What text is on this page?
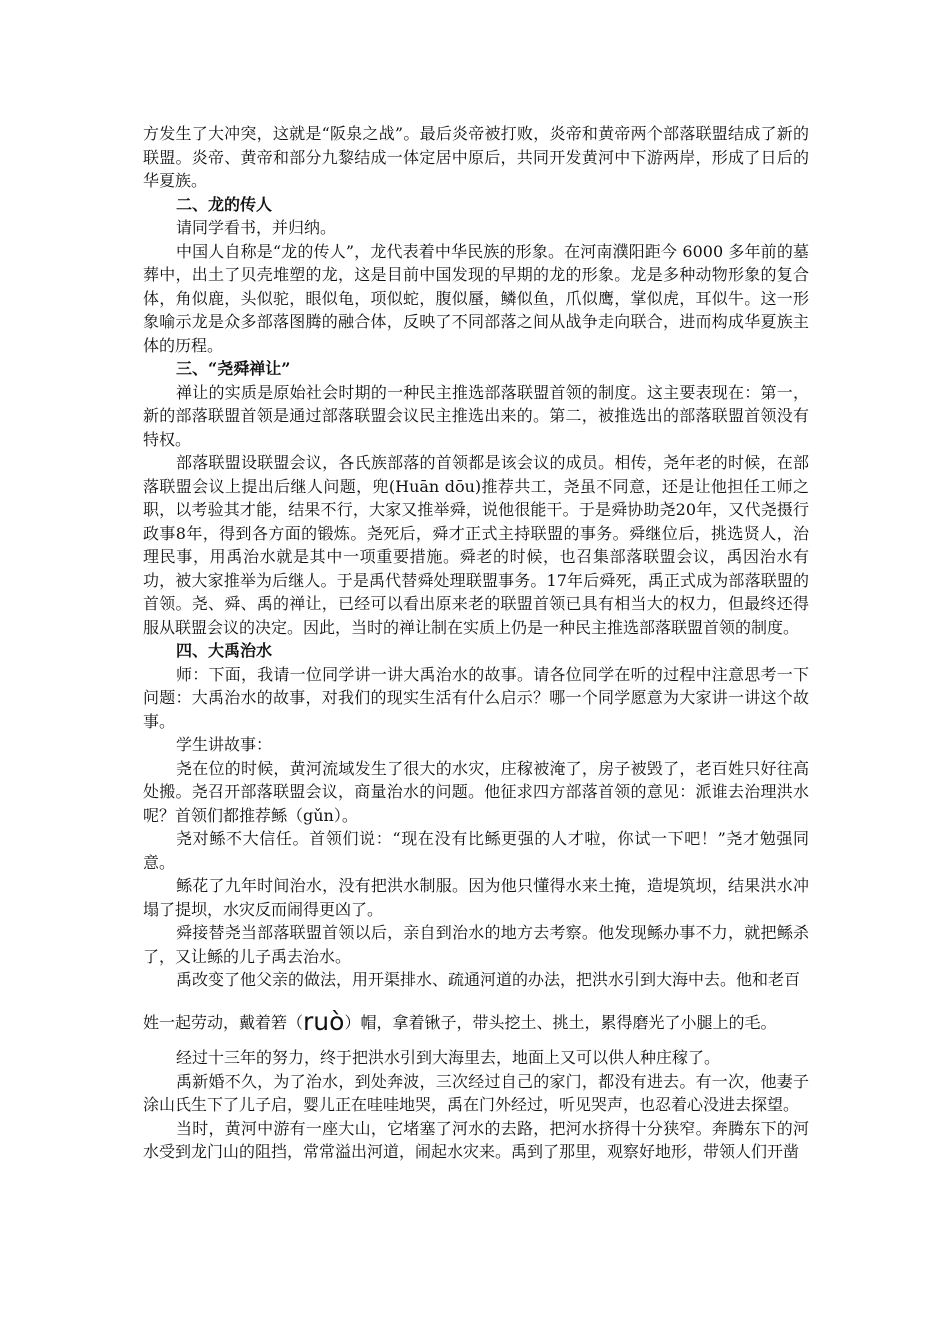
方发生了大冲突，这就是“阪泉之战”。最后炎帝被打败，炎帝和黄帝两个部落联盟结成了新的联盟。炎帝、黄帝和部分九黎结成一体定居中原后，共同开发黄河中下游两岸，形成了日后的华夏族。

二、龙的传人

请同学看书，并归纳。

中国人自称是“龙的传人”，龙代表着中华民族的形象。在河南濮阳距今 6000 多年前的墓葬中，出土了贝壳堆塑的龙，这是目前中国发现的早期的龙的形象。龙是多种动物形象的复合体，角似鹿，头似驼，眼似龟，项似蛇，腹似蜃，鳞似鱼，爪似鹰，掌似虎，耳似牛。这一形象喻示龙是众多部落图腾的融合体，反映了不同部落之间从战争走向联合，进而构成华夏族主体的历程。

三、“尧舜禅让”

禅让的实质是原始社会时期的一种民主推选部落联盟首领的制度。这主要表现在：第一，新的部落联盟首领是通过部落联盟会议民主推选出来的。第二，被推选出的部落联盟首领没有特权。

部落联盟设联盟会议，各氏族部落的首领都是该会议的成员。相传，尧年老的时候，在部落联盟会议上提出后继人问题，兜(Huān dōu)推荐共工，尧虽不同意，还是让他担任工师之职，以考验其才能，结果不行，大家又推举舜，说他很能干。于是舜协助尧20年，又代尧摄行政事8年，得到各方面的锻炼。尧死后，舜才正式主持联盟的事务。舜继位后，挑选贤人，治理民事，用禹治水就是其中一项重要措施。舜老的时候，也召集部落联盟会议，禹因治水有功，被大家推举为后继人。于是禹代替舜处理联盟事务。17年后舜死，禹正式成为部落联盟的首领。尧、舜、禹的禅让，已经可以看出原来老的联盟首领已具有相当大的权力，但最终还得服从联盟会议的决定。因此，当时的禅让制在实质上仍是一种民主推选部落联盟首领的制度。

四、大禹治水

师：下面，我请一位同学讲一讲大禹治水的故事。请各位同学在听的过程中注意思考一下问题：大禹治水的故事，对我们的现实生活有什么启示？哪一个同学愿意为大家讲一讲这个故事。

学生讲故事：

尧在位的时候，黄河流域发生了很大的水灾，庄稼被淹了，房子被毁了，老百姓只好往高处搬。尧召开部落联盟会议，商量治水的问题。他征求四方部落首领的意见：派谁去治理洪水呢？首领们都推荐鲧（gǔn）。

尧对鲧不大信任。首领们说：“现在没有比鲧更强的人才啦，你试一下吧！”尧才勉强同意。

鲧花了九年时间治水，没有把洪水制服。因为他只懂得水来土掩，造堤筑坝，结果洪水冲塌了提坝，水灾反而闹得更凶了。

舜接替尧当部落联盟首领以后，亲自到治水的地方去考察。他发现鲧办事不力，就把鲧杀了，又让鲧的儿子禹去治水。

禹改变了他父亲的做法，用开渠排水、疏通河道的办法，把洪水引到大海中去。他和老百

姓一起劳动，戴着箬（ruò）帽，拿着锹子，带头挖土、挑土，累得磨光了小腿上的毛。

经过十三年的努力，终于把洪水引到大海里去，地面上又可以供人种庄稼了。

禹新婚不久，为了治水，到处奔波，三次经过自己的家门，都没有进去。有一次，他妻子涂山氏生下了儿子启，婴儿正在哇哇地哭，禹在门外经过，听见哭声，也忍着心没进去探望。

当时，黄河中游有一座大山，它堵塞了河水的去路，把河水挤得十分狭窄。奔腾东下的河水受到龙门山的阻挡，常常溢出河道，闹起水灾来。禹到了那里，观察好地形，带领人们开凿
